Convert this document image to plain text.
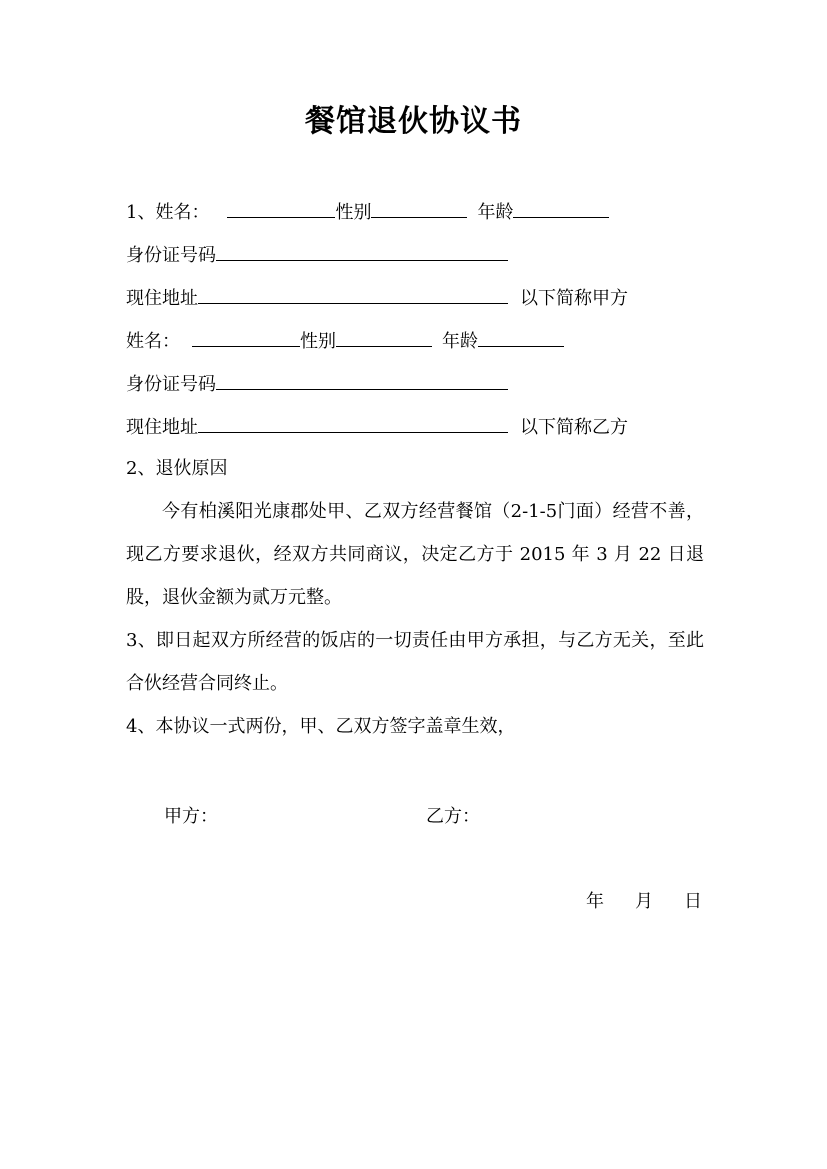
餐馆退伙协议书
1、姓名：	性别	年龄
身份证号码
现住地址	以下简称甲方
姓名：	性别	年龄
身份证号码
现住地址	以下简称乙方
2、退伙原因
今有柏溪阳光康郡处甲、乙双方经营餐馆（2-1-5门面）经营不善，现乙方要求退伙，经双方共同商议，决定乙方于 2015 年 3 月 22 日退股，退伙金额为贰万元整。
3、即日起双方所经营的饭店的一切责任由甲方承担，与乙方无关，至此合伙经营合同终止。
4、本协议一式两份，甲、乙双方签字盖章生效，
甲方：	乙方：
年 月 日
